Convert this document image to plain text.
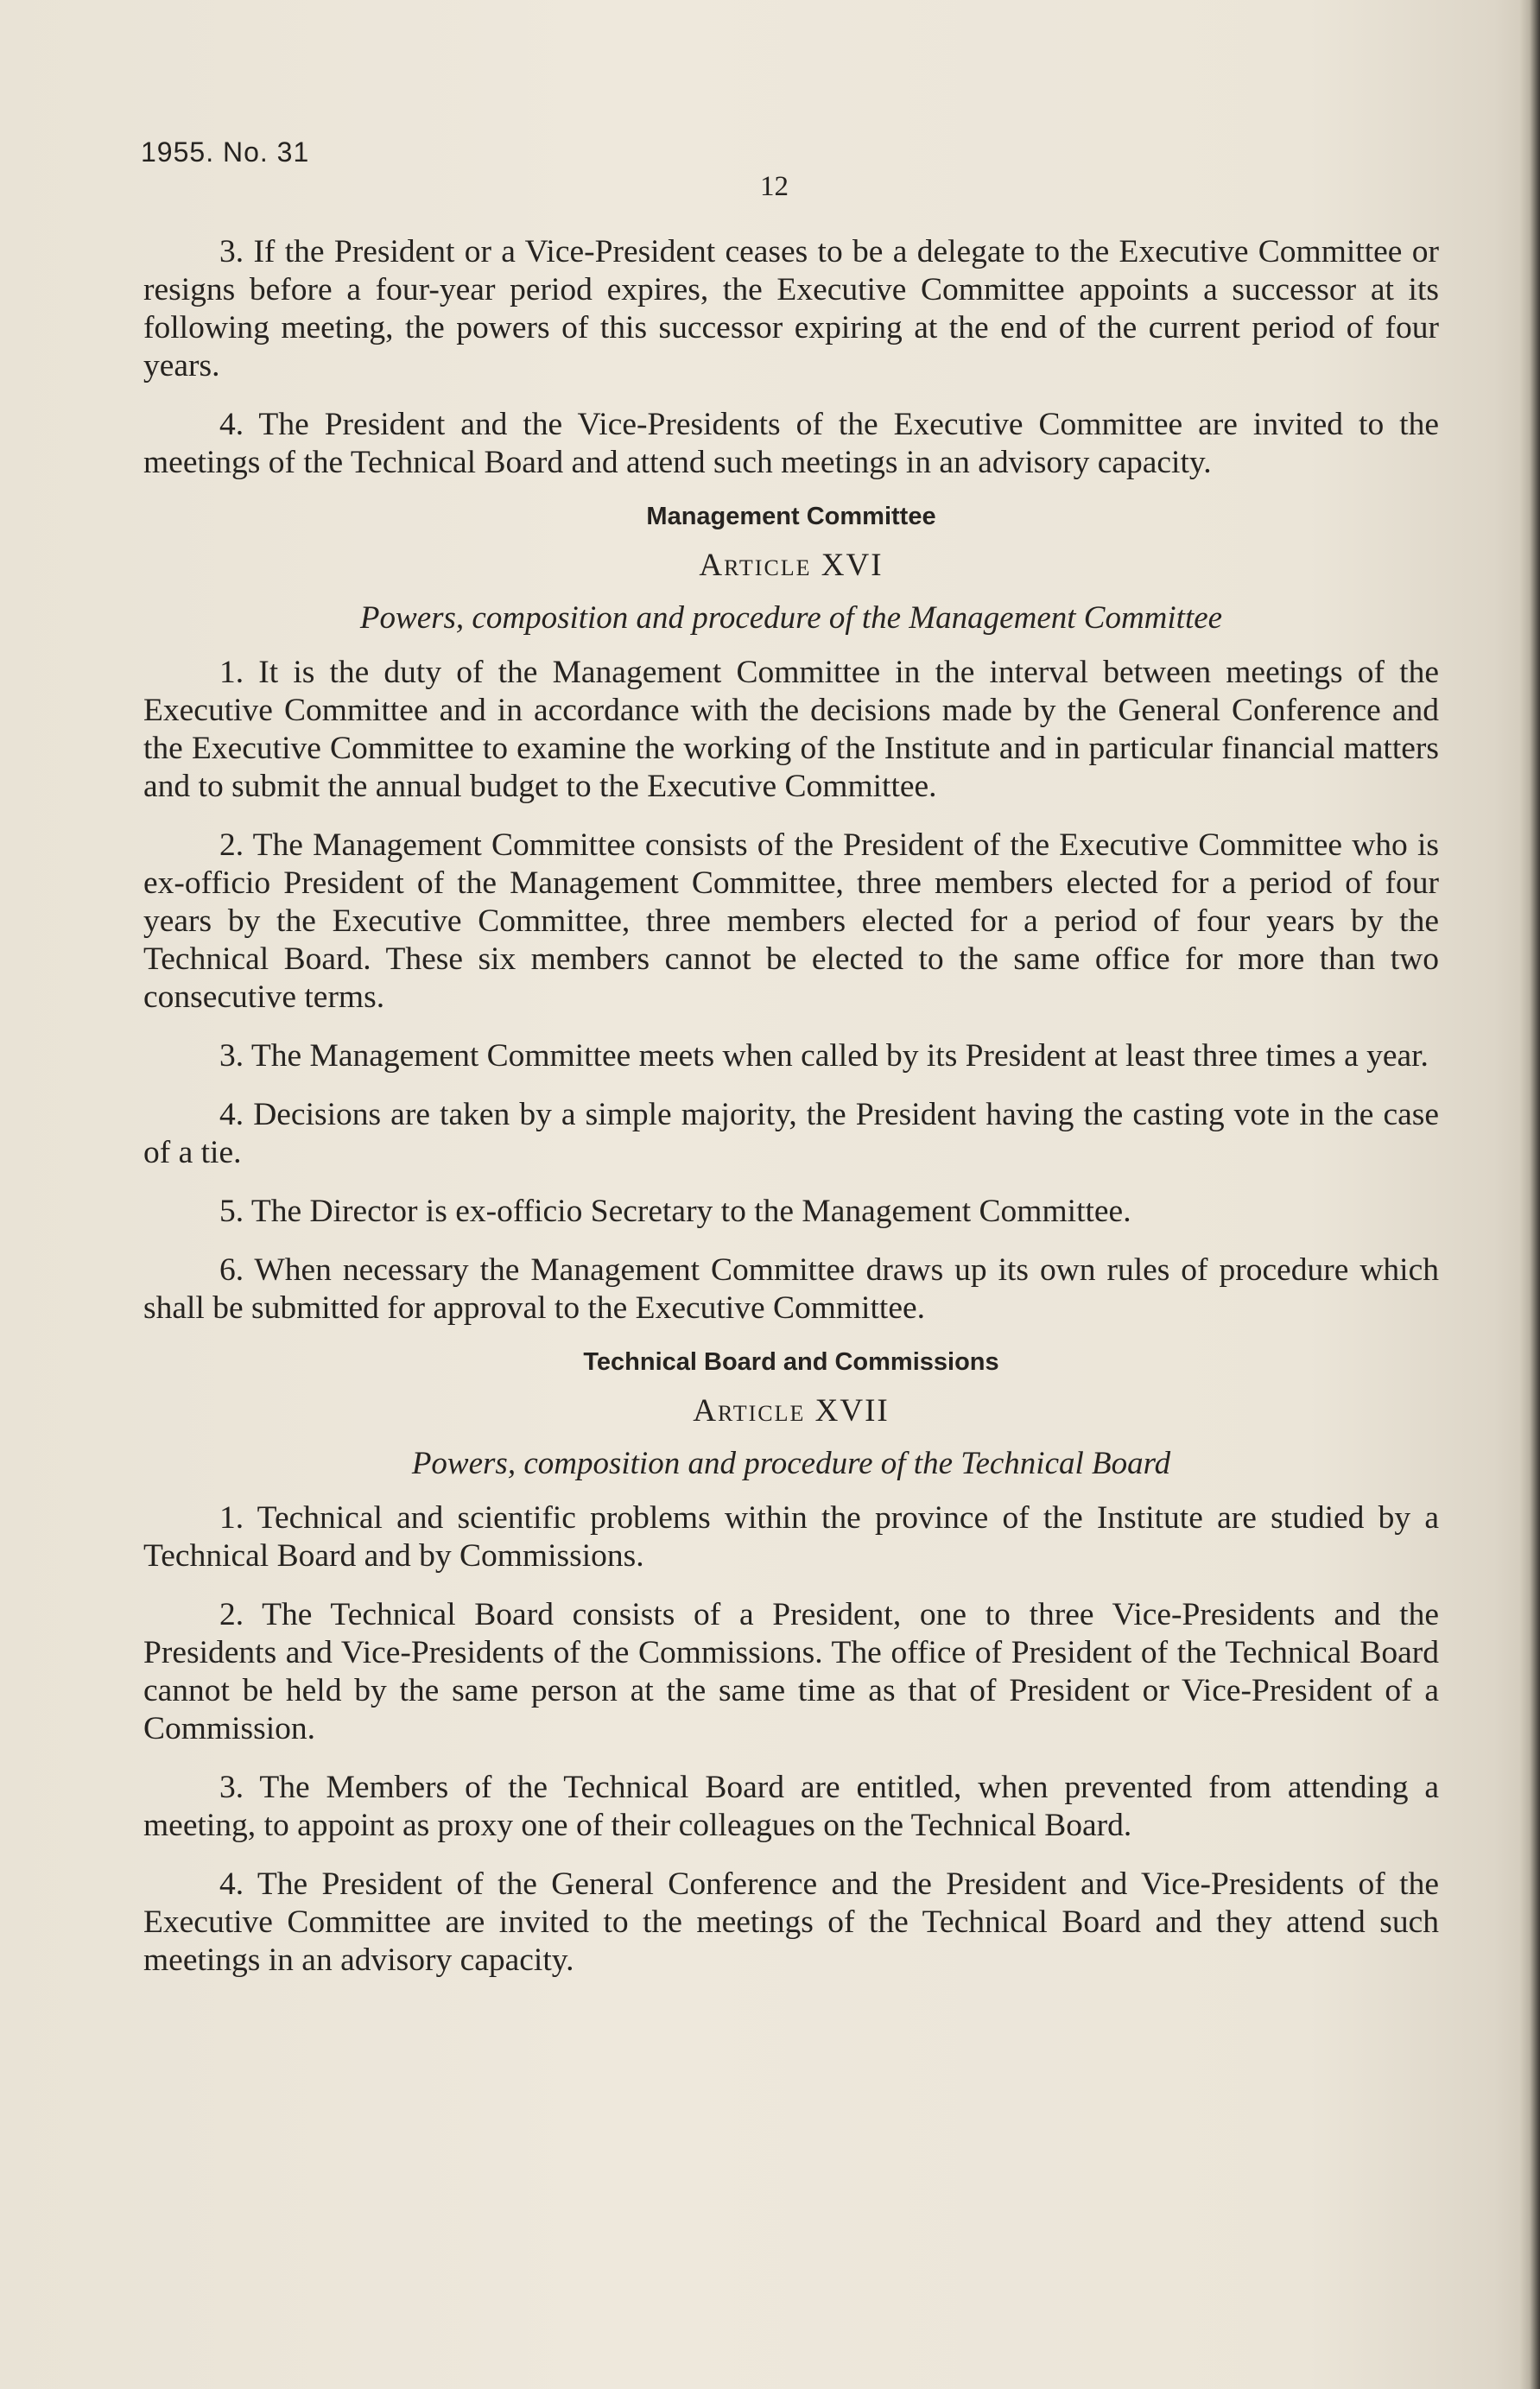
1955. No. 31
12

3. If the President or a Vice-President ceases to be a delegate to the Executive Committee or resigns before a four-year period expires, the Executive Committee appoints a successor at its following meeting, the powers of this successor expiring at the end of the current period of four years.

4. The President and the Vice-Presidents of the Executive Committee are invited to the meetings of the Technical Board and attend such meetings in an advisory capacity.

Management Committee
Article XVI
Powers, composition and procedure of the Management Committee

1. It is the duty of the Management Committee in the interval between meetings of the Executive Committee and in accordance with the decisions made by the General Conference and the Executive Committee to examine the working of the Institute and in particular financial matters and to submit the annual budget to the Executive Committee.

2. The Management Committee consists of the President of the Executive Committee who is ex-officio President of the Management Committee, three members elected for a period of four years by the Executive Committee, three members elected for a period of four years by the Technical Board. These six members cannot be elected to the same office for more than two consecutive terms.

3. The Management Committee meets when called by its President at least three times a year.

4. Decisions are taken by a simple majority, the President having the casting vote in the case of a tie.

5. The Director is ex-officio Secretary to the Management Committee.

6. When necessary the Management Committee draws up its own rules of procedure which shall be submitted for approval to the Executive Committee.

Technical Board and Commissions
Article XVII
Powers, composition and procedure of the Technical Board

1. Technical and scientific problems within the province of the Institute are studied by a Technical Board and by Commissions.

2. The Technical Board consists of a President, one to three Vice-Presidents and the Presidents and Vice-Presidents of the Commissions. The office of President of the Technical Board cannot be held by the same person at the same time as that of President or Vice-President of a Commission.

3. The Members of the Technical Board are entitled, when prevented from attending a meeting, to appoint as proxy one of their colleagues on the Technical Board.

4. The President of the General Conference and the President and Vice-Presidents of the Executive Committee are invited to the meetings of the Technical Board and they attend such meetings in an advisory capacity.
